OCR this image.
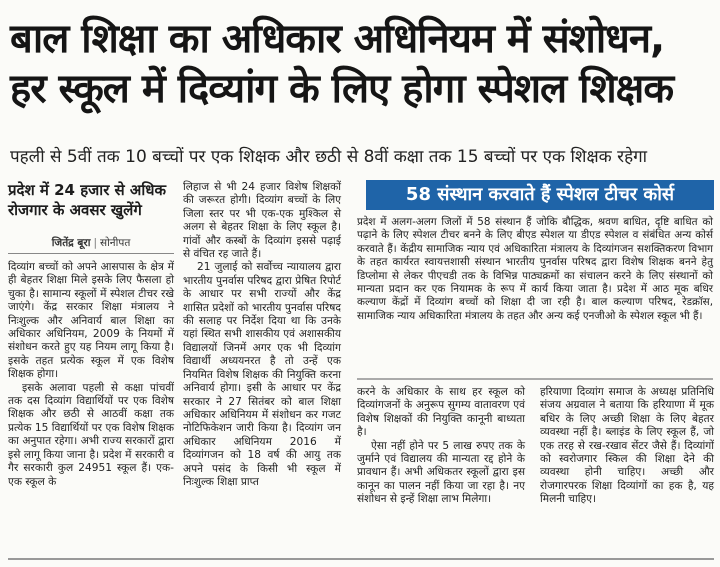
बाल शिक्षा का अधिकार अधिनियम में संशोधन,
हर स्कूल में दिव्यांग के लिए होगा स्पेशल शिक्षक
पहली से 5वीं तक 10 बच्चों पर एक शिक्षक और छठी से 8वीं कक्षा तक 15 बच्चों पर एक शिक्षक रहेगा
प्रदेश में 24 हजार से अधिक रोजगार के अवसर खुलेंगे
जितेंद्र बूरा | सोनीपत

दिव्यांग बच्चों को अपने आसपास के क्षेत्र में ही बेहतर शिक्षा मिले इसके लिए फैसला हो चुका है। सामान्य स्कूलों में स्पेशल टीचर रखे जाएंगे। केंद्र सरकार शिक्षा मंत्रालय ने निःशुल्क और अनिवार्य बाल शिक्षा का अधिकार अधिनियम, 2009 के नियमों में संशोधन करते हुए यह नियम लागू किया है। इसके तहत प्रत्येक स्कूल में एक विशेष शिक्षक होगा।

इसके अलावा पहली से कक्षा पांचवीं तक दस दिव्यांग विद्यार्थियों पर एक विशेष शिक्षक और छठी से आठवीं कक्षा तक प्रत्येक 15 विद्यार्थियों पर एक विशेष शिक्षक का अनुपात रहेगा। अभी राज्य सरकारों द्वारा इसे लागू किया जाना है। प्रदेश में सरकारी व गैर सरकारी कुल 24951 स्कूल हैं। एक-एक स्कूल के

लिहाज से भी 24 हजार विशेष शिक्षकों की जरूरत होगी। दिव्यांग बच्चों के लिए जिला स्तर पर भी एक-एक मुश्किल से अलग से बेहतर शिक्षा के लिए स्कूल है। गांवों और कस्बों के दिव्यांग इससे पढ़ाई से वंचित रह जाते हैं।

21 जुलाई को सर्वोच्च न्यायालय द्वारा भारतीय पुनर्वास परिषद द्वारा प्रेषित रिपोर्ट के आधार पर सभी राज्यों और केंद्र शासित प्रदेशों को भारतीय पुनर्वास परिषद की सलाह पर निर्देश दिया था कि उनके यहां स्थित सभी शासकीय एवं अशासकीय विद्यालयों जिनमें अगर एक भी दिव्यांग विद्यार्थी अध्ययनरत है तो उन्हें एक नियमित विशेष शिक्षक की नियुक्ति करना अनिवार्य होगा। इसी के आधार पर केंद्र सरकार ने 27 सितंबर को बाल शिक्षा अधिकार अधिनियम में संशोधन कर गजट नोटिफिकेशन जारी किया है। दिव्यांग जन अधिकार अधिनियम 2016 में दिव्यांगजन को 18 वर्ष की आयु तक अपने पसंद के किसी भी स्कूल में निःशुल्क शिक्षा प्राप्त

58 संस्थान करवाते हैं स्पेशल टीचर कोर्स

प्रदेश में अलग-अलग जिलों में 58 संस्थान हैं जोकि बौद्धिक, श्रवण बाधित, दृष्टि बाधित को पढ़ाने के लिए स्पेशल टीचर बनने के लिए बीएड स्पेशल या डीएड स्पेशल व संबंधित अन्य कोर्स करवाते हैं। केंद्रीय सामाजिक न्याय एवं अधिकारिता मंत्रालय के दिव्यांगजन सशक्तिकरण विभाग के तहत कार्यरत स्वायत्तशासी संस्थान भारतीय पुनर्वास परिषद द्वारा विशेष शिक्षक बनने हेतु डिप्लोमा से लेकर पीएचडी तक के विभिन्न पाठ्यक्रमों का संचालन करने के लिए संस्थानों को मान्यता प्रदान कर एक नियामक के रूप में कार्य किया जाता है। प्रदेश में आठ मूक बधिर कल्याण केंद्रों में दिव्यांग बच्चों को शिक्षा दी जा रही है। बाल कल्याण परिषद, रेडक्रॉस, सामाजिक न्याय अधिकारिता मंत्रालय के तहत और अन्य कई एनजीओ के स्पेशल स्कूल भी हैं।

करने के अधिकार के साथ हर स्कूल को दिव्यांगजनों के अनुरूप सुगम्य वातावरण एवं विशेष शिक्षकों की नियुक्ति कानूनी बाध्यता है।

ऐसा नहीं होने पर 5 लाख रुपए तक के जुर्माने एवं विद्यालय की मान्यता रद्द होने के प्रावधान हैं। अभी अधिकतर स्कूलों द्वारा इस कानून का पालन नहीं किया जा रहा है। नए संशोधन से इन्हें शिक्षा लाभ मिलेगा।

हरियाणा दिव्यांग समाज के अध्यक्ष प्रतिनिधि संजय अग्रवाल ने बताया कि हरियाणा में मूक बधिर के लिए अच्छी शिक्षा के लिए बेहतर व्यवस्था नहीं है। ब्लाइंड के लिए स्कूल हैं, जो एक तरह से रख-रखाव सेंटर जैसे हैं। दिव्यांगों को स्वरोजगार स्किल की शिक्षा देने की व्यवस्था होनी चाहिए। अच्छी और रोजगारपरक शिक्षा दिव्यांगों का हक है, यह मिलनी चाहिए।
